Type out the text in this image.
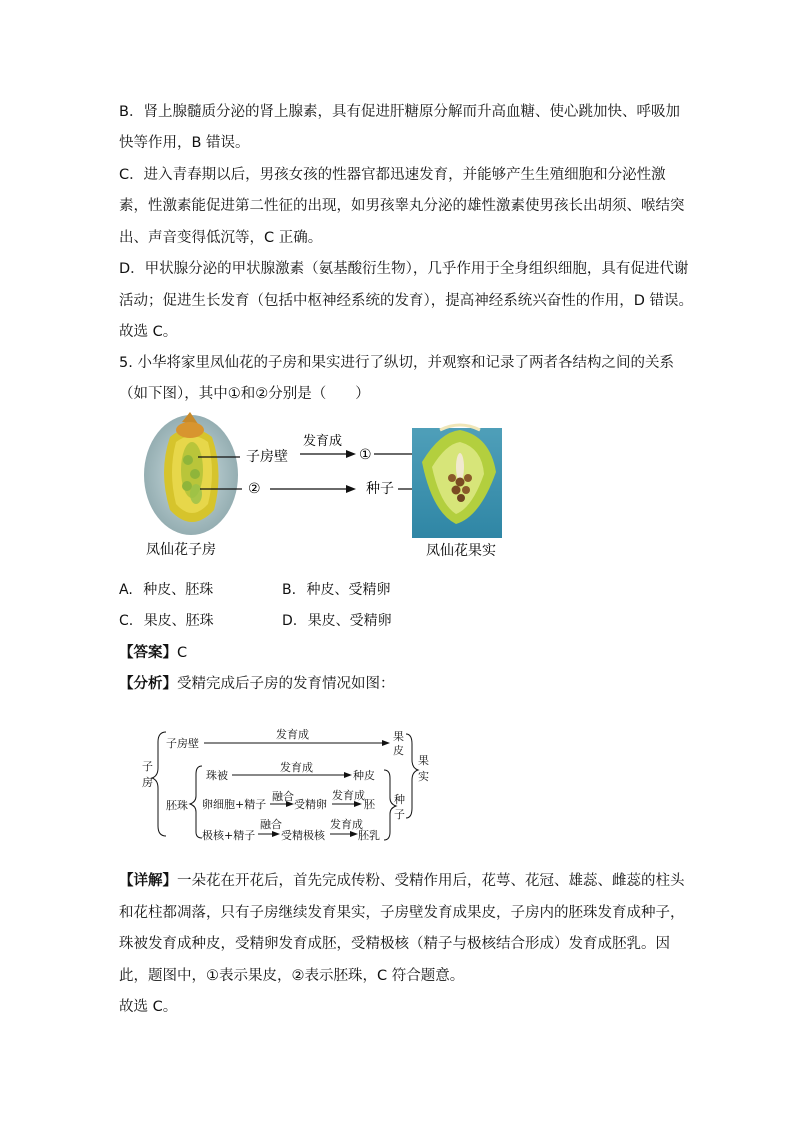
B．肾上腺髓质分泌的肾上腺素，具有促进肝糖原分解而升高血糖、使心跳加快、呼吸加
快等作用，B 错误。
C．进入青春期以后，男孩女孩的性器官都迅速发育，并能够产生生殖细胞和分泌性激
素，性激素能促进第二性征的出现，如男孩睾丸分泌的雄性激素使男孩长出胡须、喉结突
出、声音变得低沉等，C 正确。
D．甲状腺分泌的甲状腺激素（氨基酸衍生物），几乎作用于全身组织细胞，具有促进代谢
活动；促进生长发育（包括中枢神经系统的发育），提高神经系统兴奋性的作用，D 错误。
故选 C。
5. 小华将家里凤仙花的子房和果实进行了纵切，并观察和记录了两者各结构之间的关系
（如下图），其中①和②分别是（　　）
子房壁
发育成
①
②	种子
凤仙花子房	凤仙花果实
A. 种皮、胚珠	B. 种皮、受精卵
C. 果皮、胚珠	D. 果皮、受精卵
【答案】C
【分析】受精完成后子房的发育情况如图：
子
房
子房壁
发育成	果
皮
胚珠
珠被
发育成
种皮
卵细胞+精子
融合
受精卵
发育成
胚
极核+精子
融合
受精极核
发育成
胚乳
种
子
果
实
【详解】一朵花在开花后，首先完成传粉、受精作用后，花萼、花冠、雄蕊、雌蕊的柱头
和花柱都凋落，只有子房继续发育果实，子房壁发育成果皮，子房内的胚珠发育成种子，
珠被发育成种皮，受精卵发育成胚，受精极核（精子与极核结合形成）发育成胚乳。因
此，题图中，①表示果皮，②表示胚珠，C 符合题意。
故选 C。
